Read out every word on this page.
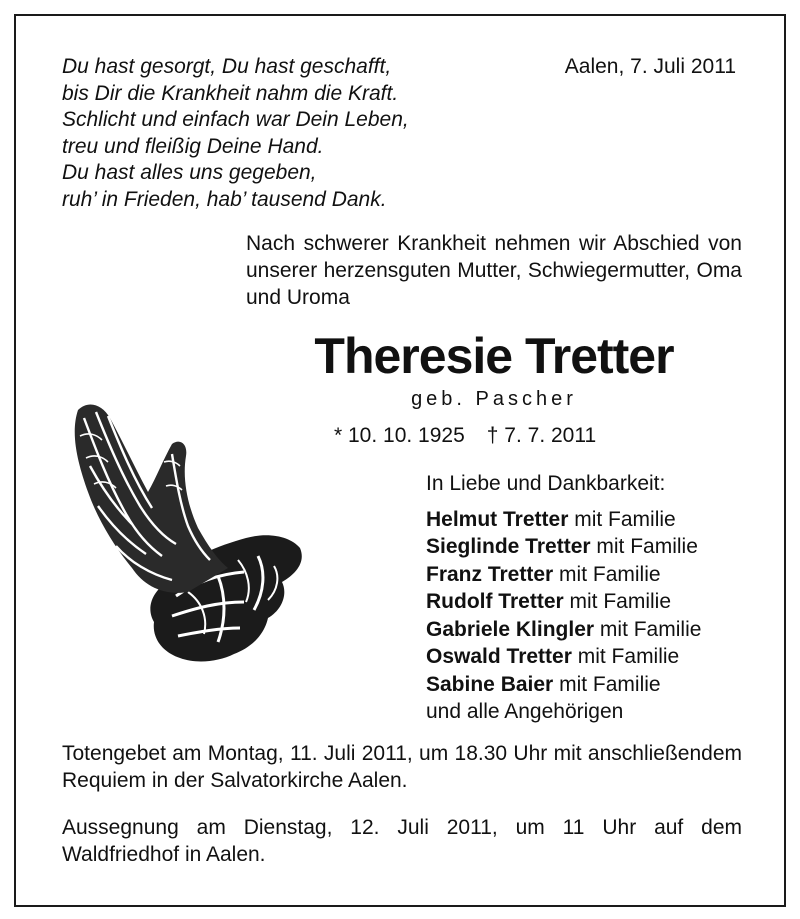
Du hast gesorgt, Du hast geschafft,
bis Dir die Krankheit nahm die Kraft.
Schlicht und einfach war Dein Leben,
treu und fleißig Deine Hand.
Du hast alles uns gegeben,
ruh’ in Frieden, hab’ tausend Dank.
Aalen, 7. Juli 2011
Nach schwerer Krankheit nehmen wir Abschied von unserer herzensguten Mutter, Schwiegermutter, Oma und Uroma
Theresie Tretter
geb. Pascher
* 10. 10. 1925 † 7. 7. 2011
In Liebe und Dankbarkeit:
Helmut Tretter mit Familie
Sieglinde Tretter mit Familie
Franz Tretter mit Familie
Rudolf Tretter mit Familie
Gabriele Klingler mit Familie
Oswald Tretter mit Familie
Sabine Baier mit Familie
und alle Angehörigen
Totengebet am Montag, 11. Juli 2011, um 18.30 Uhr mit anschließendem Requiem in der Salvatorkirche Aalen.
Aussegnung am Dienstag, 12. Juli 2011, um 11 Uhr auf dem Waldfriedhof in Aalen.
